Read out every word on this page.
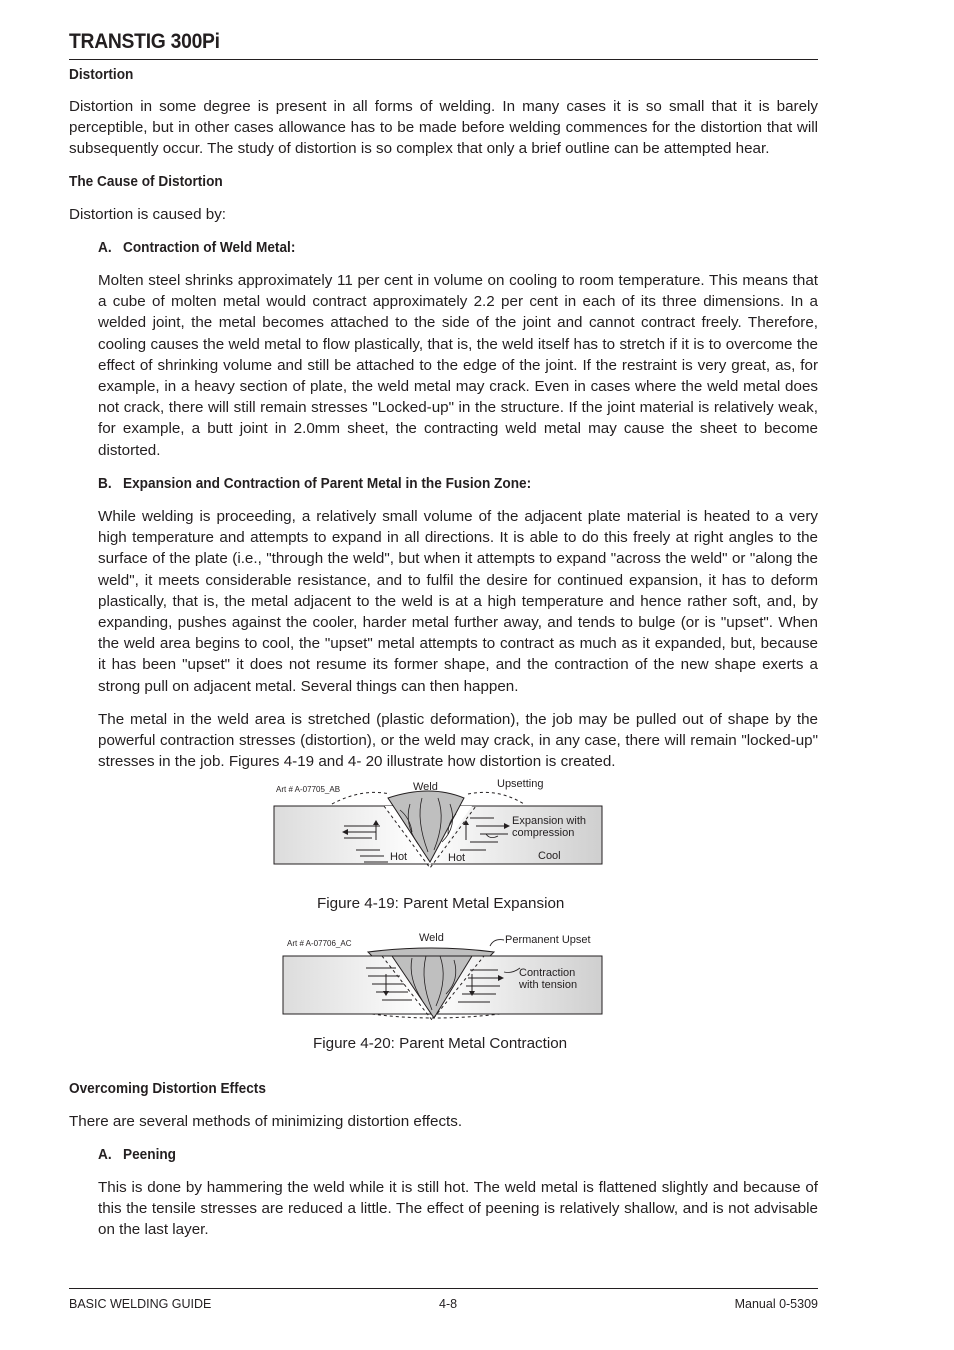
TRANSTIG 300Pi
Distortion

Distortion in some degree is present in all forms of welding. In many cases it is so small that it is barely perceptible, but in other cases allowance has to be made before welding commences for the distortion that will subsequently occur. The study of distortion is so complex that only a brief outline can be attempted hear.

The Cause of Distortion

Distortion is caused by:

A.   Contraction of Weld Metal:

Molten steel shrinks approximately 11 per cent in volume on cooling to room temperature. This means that a cube of molten metal would contract approximately 2.2 per cent in each of its three dimensions. In a welded joint, the metal becomes attached to the side of the joint and cannot contract freely. Therefore, cooling causes the weld metal to flow plastically, that is, the weld itself has to stretch if it is to overcome the effect of shrinking volume and still be attached to the edge of the joint. If the restraint is very great, as, for example, in a heavy section of plate, the weld metal may crack. Even in cases where the weld metal does not crack, there will still remain stresses "Locked-up" in the structure. If the joint material is relatively weak, for example, a butt joint in 2.0mm sheet, the contracting weld metal may cause the sheet to become distorted.

B.   Expansion and Contraction of Parent Metal in the Fusion Zone:

While welding is proceeding, a relatively small volume of the adjacent plate material is heated to a very high temperature and attempts to expand in all directions. It is able to do this freely at right angles to the surface of the plate (i.e., "through the weld", but when it attempts to expand "across the weld" or "along the weld", it meets considerable resistance, and to fulfil the desire for continued expansion, it has to deform plastically, that is, the metal adjacent to the weld is at a high temperature and hence rather soft, and, by expanding, pushes against the cooler, harder metal further away, and tends to bulge (or is "upset". When the weld area begins to cool, the "upset" metal attempts to contract as much as it expanded, but, because it has been "upset" it does not resume its former shape, and the contraction of the new shape exerts a strong pull on adjacent metal. Several things can then happen.

The metal in the weld area is stretched (plastic deformation), the job may be pulled out of shape by the powerful contraction stresses (distortion), or the weld may crack, in any case, there will remain "locked-up" stresses in the job. Figures 4-19 and 4- 20 illustrate how distortion is created.

Art # A-07705_AB	Weld	Upsetting
Expansion with
compression
Hot	Hot	Cool
Figure 4-19: Parent Metal Expansion
Art # A-07706_AC	Weld	Permanent Upset
Contraction
with tension
Figure 4-20: Parent Metal Contraction
Overcoming Distortion Effects

There are several methods of minimizing distortion effects.

A.   Peening

This is done by hammering the weld while it is still hot. The weld metal is flattened slightly and because of this the tensile stresses are reduced a little. The effect of peening is relatively shallow, and is not advisable on the last layer.

BASIC WELDING GUIDE	4-8	Manual 0-5309
